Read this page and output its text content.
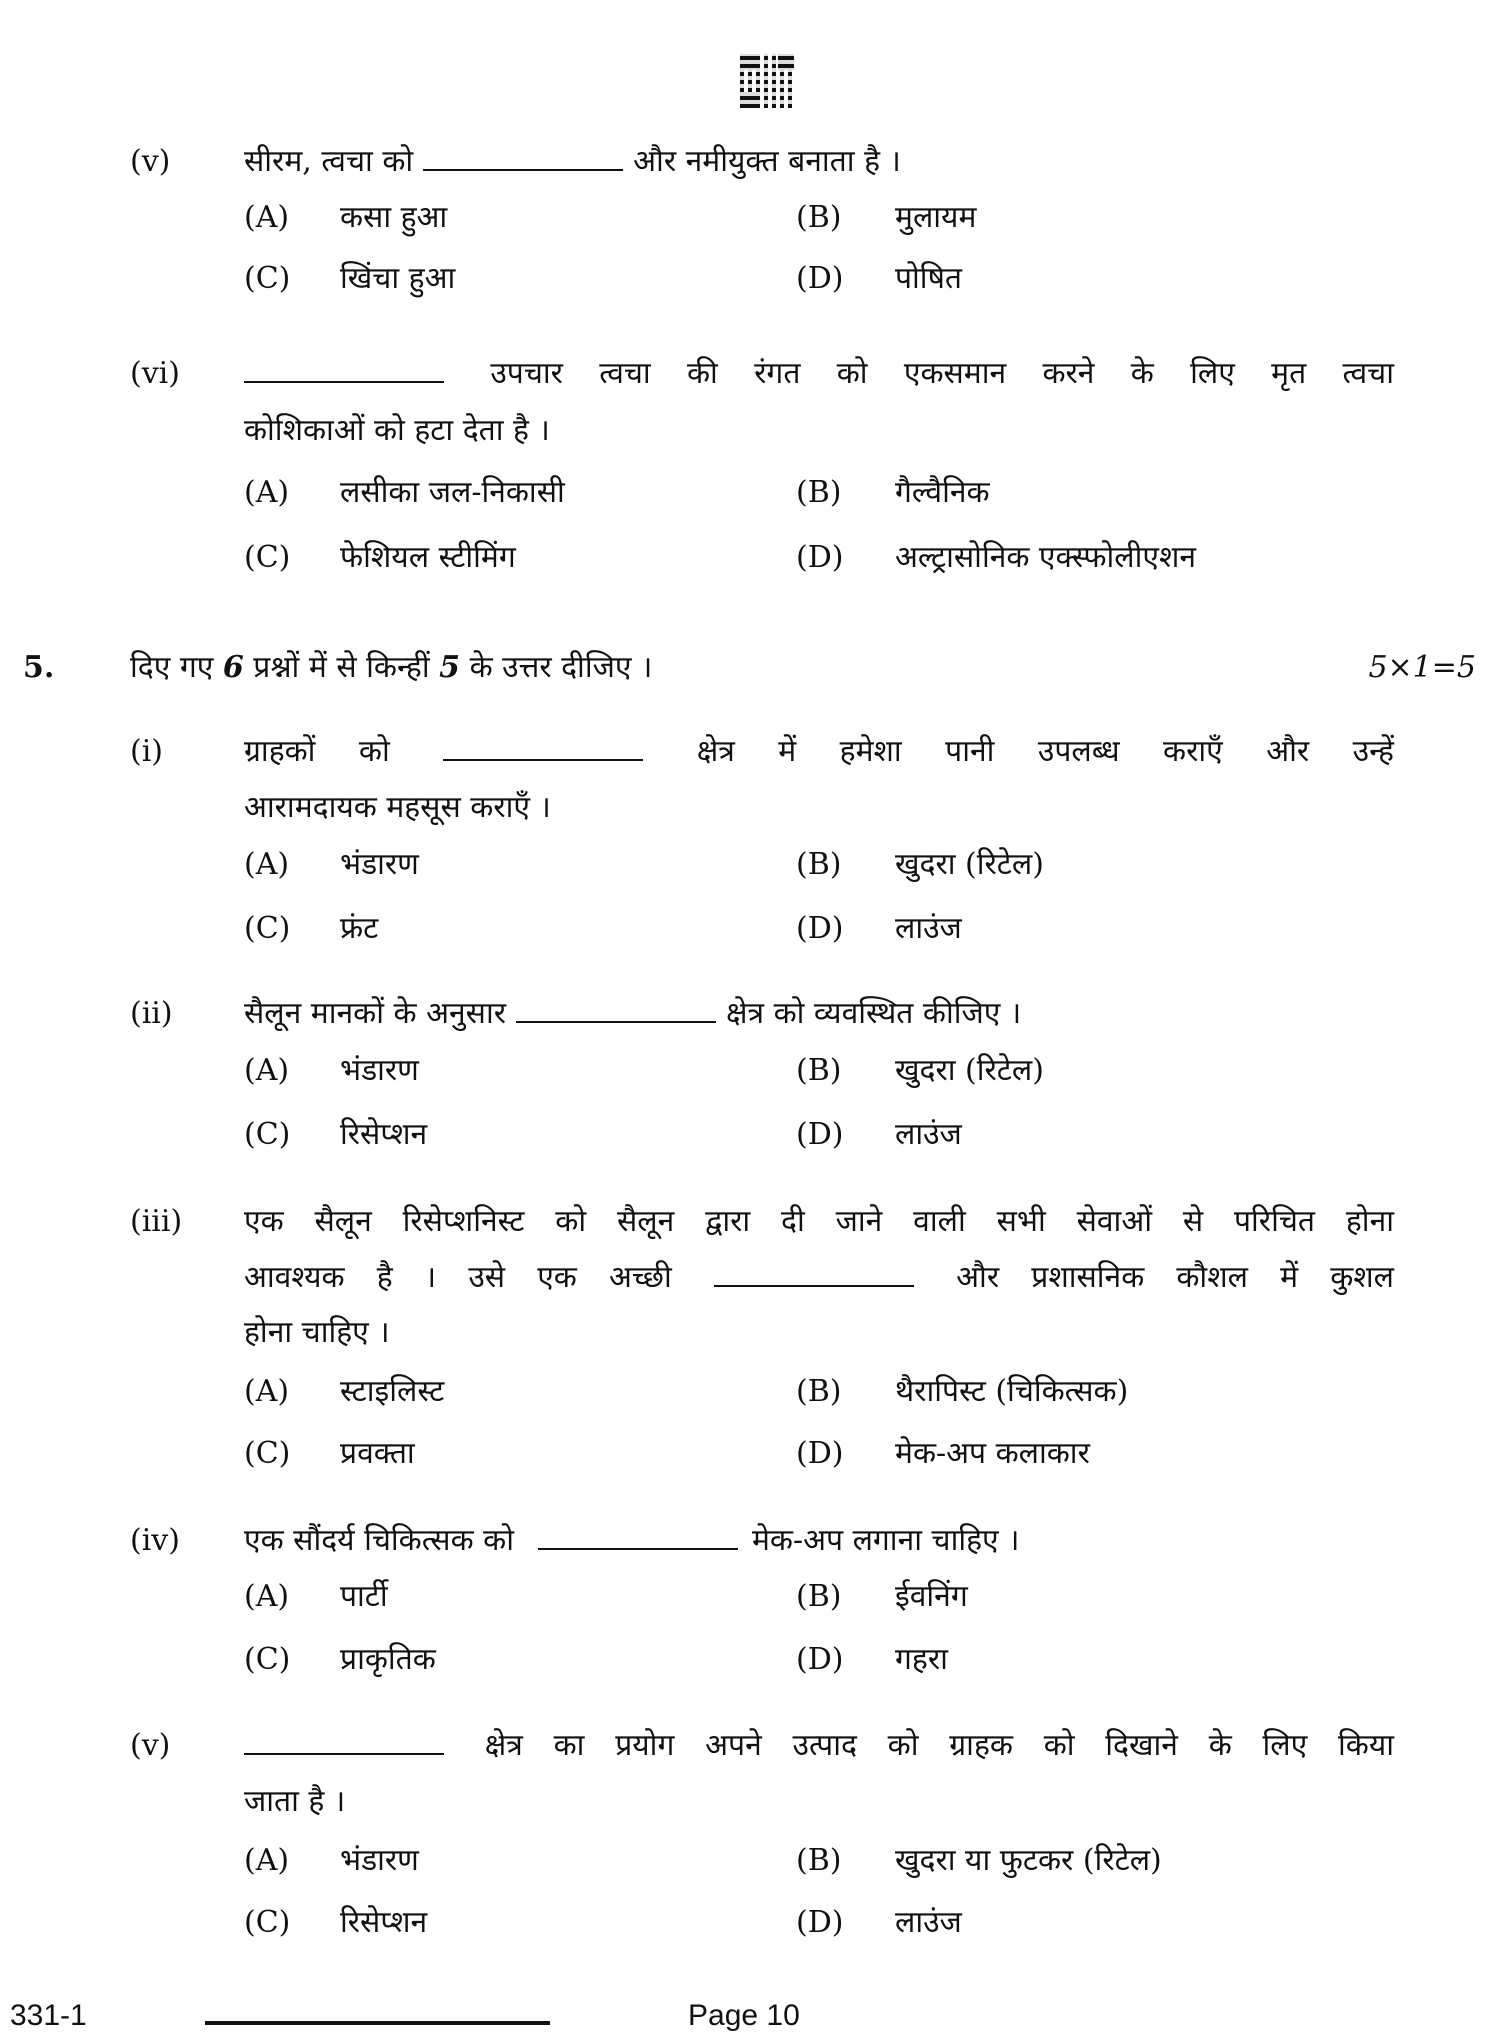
(v) सीरम, त्वचा को	और नमीयुक्त बनाता है ।
(A) कसा हुआ	(B) मुलायम
(C) खिंचा हुआ	(D) पोषित
(vi)	उपचार त्वचा की रंगत को एकसमान करने के लिए मृत त्वचा
कोशिकाओं को हटा देता है ।
(A) लसीका जल-निकासी	(B) गैल्वैनिक
(C) फेशियल स्टीमिंग	(D) अल्ट्रासोनिक एक्स्फोलीएशन
5.	दिए गए 6 प्रश्नों में से किन्हीं 5 के उत्तर दीजिए ।	5×1=5
(i)	ग्राहकों को	क्षेत्र में हमेशा पानी उपलब्ध कराएँ और उन्हें
आरामदायक महसूस कराएँ ।
(A) भंडारण	(B) खुदरा (रिटेल)
(C) फ्रंट	(D) लाउंज
(ii) सैलून मानकों के अनुसार	क्षेत्र को व्यवस्थित कीजिए ।
(A) भंडारण	(B) खुदरा (रिटेल)
(C) रिसेप्शन	(D) लाउंज
(iii) एक सैलून रिसेप्शनिस्ट को सैलून द्वारा दी जाने वाली सभी सेवाओं से परिचित होना
आवश्यक है । उसे एक अच्छी	और प्रशासनिक कौशल में कुशल
होना चाहिए ।
(A) स्टाइलिस्ट	(B) थैरापिस्ट (चिकित्सक)
(C) प्रवक्ता	(D) मेक-अप कलाकार
(iv) एक सौंदर्य चिकित्सक को	मेक-अप लगाना चाहिए ।
(A) पार्टी	(B) ईवनिंग
(C) प्राकृतिक	(D) गहरा
(v)	क्षेत्र का प्रयोग अपने उत्पाद को ग्राहक को दिखाने के लिए किया
जाता है ।
(A) भंडारण	(B) खुदरा या फुटकर (रिटेल)
(C) रिसेप्शन	(D) लाउंज
331-1	Page 10
